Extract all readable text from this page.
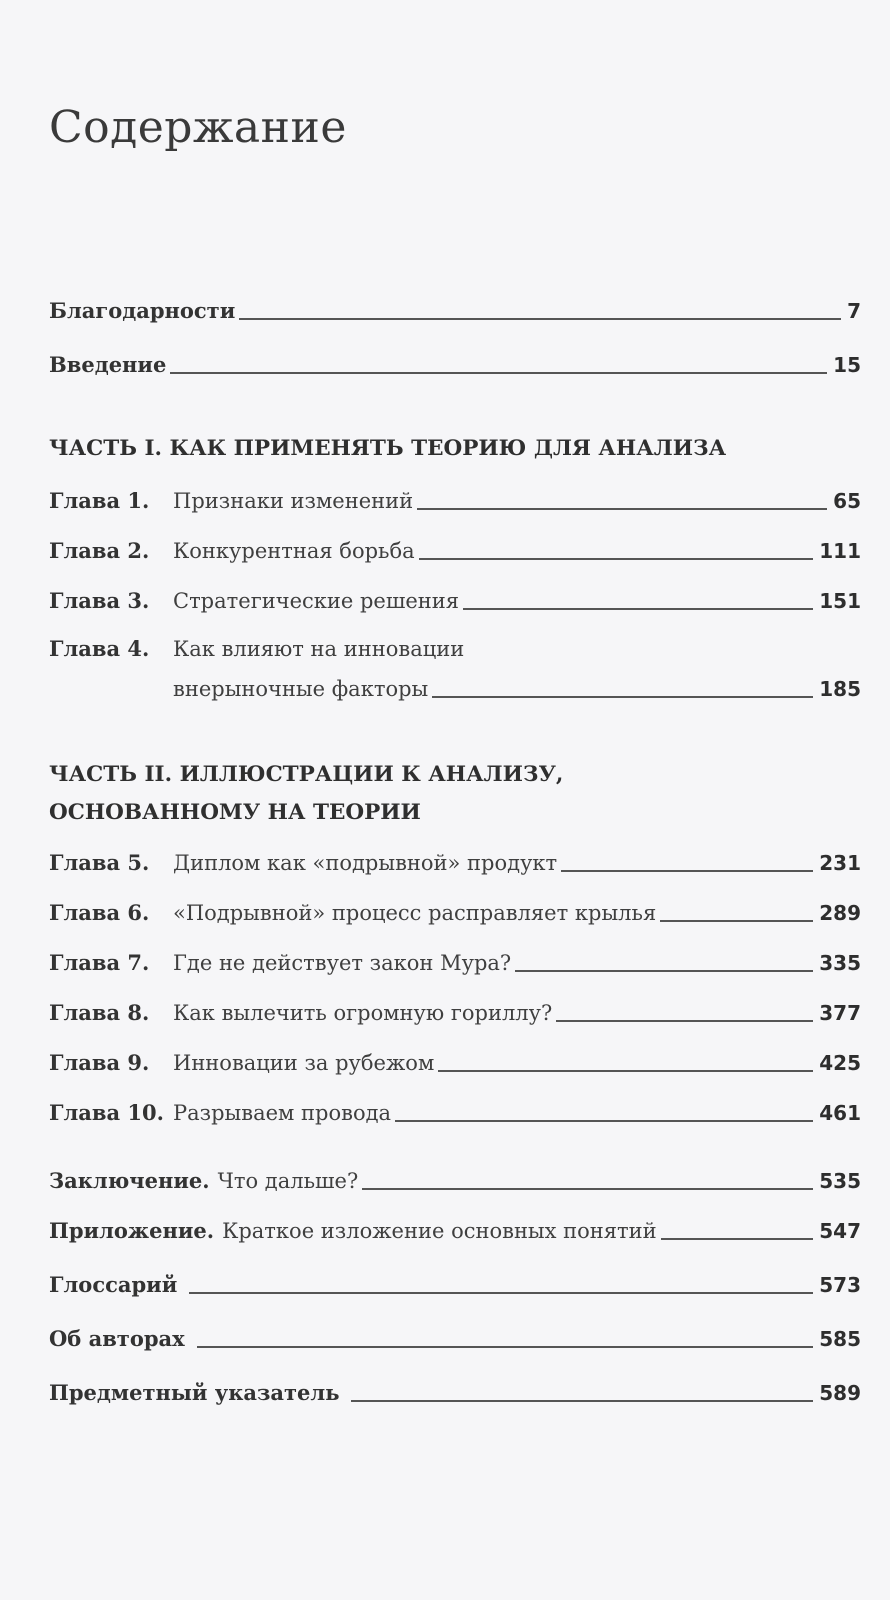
Содержание
Благодарности	7
Введение	15
ЧАСТЬ I. КАК ПРИМЕНЯТЬ ТЕОРИЮ ДЛЯ АНАЛИЗА
Глава 1.	Признаки изменений	65
Глава 2.	Конкурентная борьба	111
Глава 3.	Стратегические решения	151
Глава 4.	Как влияют на инновации
внерыночные факторы	185
ЧАСТЬ II. ИЛЛЮСТРАЦИИ К АНАЛИЗУ,
ОСНОВАННОМУ НА ТЕОРИИ
Глава 5.	Диплом как «подрывной» продукт	231
Глава 6.	«Подрывной» процесс расправляет крылья	289
Глава 7.	Где не действует закон Мура?	335
Глава 8.	Как вылечить огромную гориллу?	377
Глава 9.	Инновации за рубежом	425
Глава 10. Разрываем провода	461
Заключение. Что дальше?	535
Приложение. Краткое изложение основных понятий	547
Глоссарий	573
Об авторах	585
Предметный указатель	589
